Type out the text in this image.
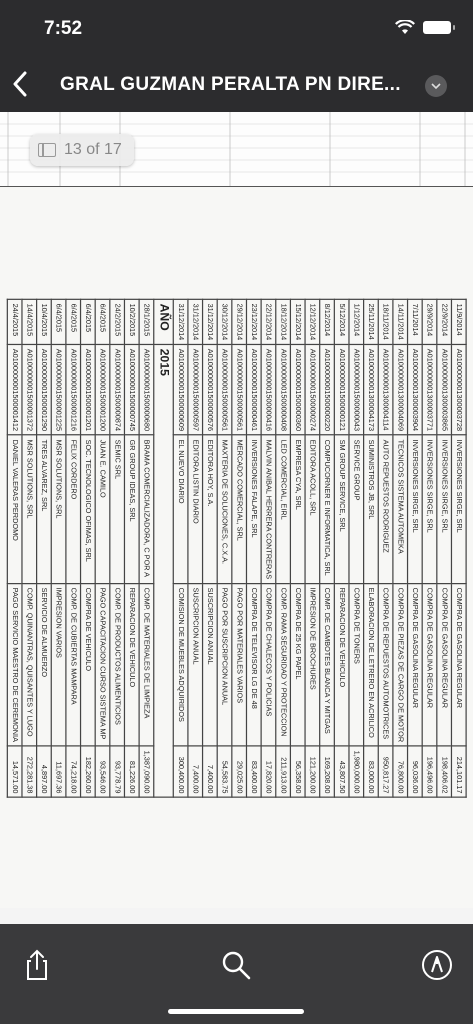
7:52
GRAL GUZMAN PERALTA PN DIRE...
13 of 17
11/9/2014	A0100000001300003728	INVERSIONES SIRGE, SRL	COMPRA DE GASOLINA REGULAR	214,101.17
22/9/2014	A0100000001300003865	INVERSIONES SIRGE, SRL	COMPRA DE GASOLINA REGULAR	198,406.02
29/9/2014	A0100000001300003771	INVERSIONES SIRGE, SRL	COMPRA DE GASOLINA REGULAR	196,496.00
7/11/2014	A0100000001300003904	INVERSIONES SIRGE, SRL	COMPRA DE GASOLINA REGULAR	96,036.00
14/11/2014	A0100000001300004069	TECNICOS SISTEMA AUTOMEKA	COMPRA DE PIEZAS DE CARGO DE MOTOR	76,800.00
18/11/2014	A0100000001300004114	AUTO REPUESTOS RODRIGUEZ	COMPRA DE REPUESTOS AUTOMOTRICES	950,817.27
25/11/2014	A0100000001300004173	SUMINISTROS JB, SRL	ELABORACION DE LETRERO EN ACRILICO	83,000.00
1/12/2014	A0100000001500000043	SERVICE GROUP	COMPRA DE TONERS	1,980,000.00
5/12/2014	A0100000001500000121	SM GROUP SERVICE, SRL	REPARACION DE VEHICULO	43,807.50
8/12/2014	A0100000001500000220	COMPUCORNER E INFORMATICA, SRL	COMP. DE CAMBOTES BLANCA Y MITGAS	169,208.00
12/12/2014	A0100000001500000274	EDITORA ACOLL, SRL	IMPRESION DE BROCHURES	121,200.00
15/12/2014	A0100000001500000360	EMPRESA CYA, SRL	COMPRA DE 25 KG PAPEL	56,358.00
18/12/2014	A0100000001500000408	LED COMERCIAL, EIRL	COMP. RAMA SEGURIDAD Y PROTECCION	211,913.00
22/12/2014	A0100000001500000416	MALVIN ANIBAL HERRERA CONTRERAS	COMPRA DE CHALECOS Y POLICIAS	17,820.00
23/12/2014	A0100000001500000461	INVERSIONES FALAPE, SRL	COMPRA DE TELEVISOR LG DE 48	83,400.00
29/12/2014	A0100000001500000561	MERCADO COMERCIAL, SRL	PAGO POR MATERIALES VARIOS	29,025.00
30/12/2014	A0100000001500000561	MAXTERIA DE SOLUCIONES, C.X.A.	PAGO POR SUSCRIPCION ANUAL	54,583.75
31/12/2014	A0100000001500000576	EDITORA HOY, S.A.	SUSCRIPCION ANUAL	7,400.00
31/12/2014	A0100000001500000597	EDITORA LISTIN DIARIO	SUSCRIPCION ANUAL	7,400.00
31/12/2014	A0100000001500000609	EL NUEVO DIARIO	COMISION DE MUEBLES ADQUIRIDOS	300,400.00
AÑO	2015			
28/1/2015	A0100000001500000680	BRAMA COMERCIALIZADORA, C POR A	COMP. DE MATERIALES DE LIMPIEZA	1,387,090.00
10/2/2015	A0100000001500000745	GR GROUP IDEAS, SRL	REPARACION DE VEHICULO	81,226.00
24/2/2015	A0100000001500000874	SEMIC SRL	COMP. DE PRODUCTOS ALIMENTICIOS	93,778.79
6/4/2015	A0100000001500001200	JUAN E. CAMILO	PAGO CAPACITACION CURSO SISTEMA MP	93,546.00
6/4/2015	A0100000001500001201	SOC. TECNOLOGICO OFIMAS, SRL	COMPRA DE VEHICULO	182,260.00
6/4/2015	A0100000001500001216	FELIX CORDERO	COMP. DE CUBIERTAS MAMPARA	74,218.00
6/4/2015	A0100000001500001225	MSR SOLUTIONS, SRL	IMPRESION VARIOS	11,697.36
10/4/2015	A0100000001500001290	TRES ALVAREZ, SRL	SERVICIO DE ALMUERZO	4,897.00
14/4/2015	A0100000001500001372	MSR SOLUTIONS, SRL	COMP. QUINANTRAS, QUISANTES Y LUGO	272,281.38
24/4/2015	A0100000001500001412	DANIEL VALERAS PERDOMO	PAGO SERVICIO MAESTRO DE CEREMONIA	14,571.00
